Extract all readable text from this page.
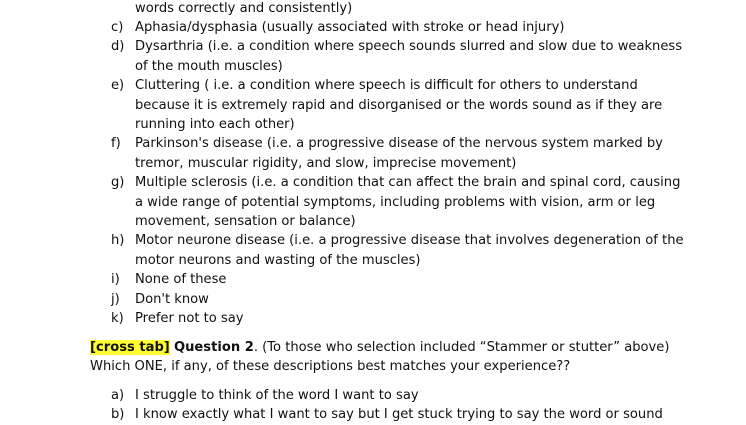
words correctly and consistently)
c) Aphasia/dysphasia (usually associated with stroke or head injury)
d) Dysarthria (i.e. a condition where speech sounds slurred and slow due to weakness
of the mouth muscles)
e) Cluttering ( i.e. a condition where speech is difficult for others to understand
because it is extremely rapid and disorganised or the words sound as if they are
running into each other)
f)	Parkinson's disease (i.e. a progressive disease of the nervous system marked by
tremor, muscular rigidity, and slow, imprecise movement)
g) Multiple sclerosis (i.e. a condition that can affect the brain and spinal cord, causing
a wide range of potential symptoms, including problems with vision, arm or leg
movement, sensation or balance)
h) Motor neurone disease (i.e. a progressive disease that involves degeneration of the
motor neurons and wasting of the muscles)
i)	None of these
j)	Don't know
k) Prefer not to say
[cross tab] Question 2. (To those who selection included “Stammer or stutter” above)
Which ONE, if any, of these descriptions best matches your experience??
a) I struggle to think of the word I want to say
b) I know exactly what I want to say but I get stuck trying to say the word or sound
